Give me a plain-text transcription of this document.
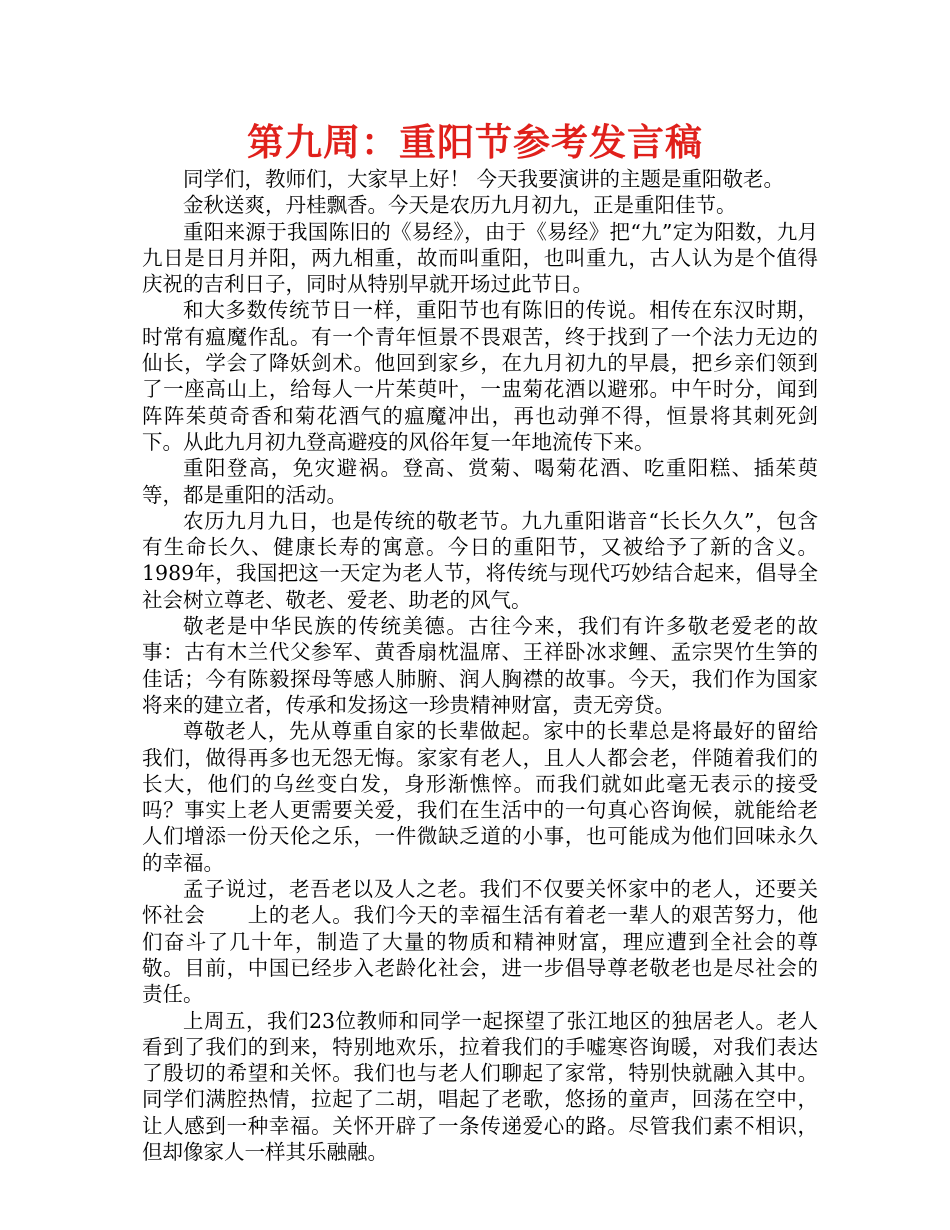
第九周：重阳节参考发言稿

同学们，教师们，大家早上好！ 今天我要演讲的主题是重阳敬老。

金秋送爽，丹桂飘香。今天是农历九月初九，正是重阳佳节。

重阳来源于我国陈旧的《易经》，由于《易经》把“九”定为阳数，九月九日是日月并阳，两九相重，故而叫重阳，也叫重九，古人认为是个值得庆祝的吉利日子，同时从特别早就开场过此节日。

和大多数传统节日一样，重阳节也有陈旧的传说。相传在东汉时期，时常有瘟魔作乱。有一个青年恒景不畏艰苦，终于找到了一个法力无边的仙长，学会了降妖剑术。他回到家乡，在九月初九的早晨，把乡亲们领到了一座高山上，给每人一片茱萸叶，一盅菊花酒以避邪。中午时分，闻到阵阵茱萸奇香和菊花酒气的瘟魔冲出，再也动弹不得，恒景将其刺死剑下。从此九月初九登高避疫的风俗年复一年地流传下来。

重阳登高，免灾避祸。登高、赏菊、喝菊花酒、吃重阳糕、插茱萸等，都是重阳的活动。

农历九月九日，也是传统的敬老节。九九重阳谐音“长长久久”，包含有生命长久、健康长寿的寓意。今日的重阳节，又被给予了新的含义。1989年，我国把这一天定为老人节，将传统与现代巧妙结合起来，倡导全社会树立尊老、敬老、爱老、助老的风气。

敬老是中华民族的传统美德。古往今来，我们有许多敬老爱老的故事：古有木兰代父参军、黄香扇枕温席、王祥卧冰求鲤、孟宗哭竹生笋的佳话；今有陈毅探母等感人肺腑、润人胸襟的故事。今天，我们作为国家将来的建立者，传承和发扬这一珍贵精神财富，责无旁贷。

尊敬老人，先从尊重自家的长辈做起。家中的长辈总是将最好的留给我们，做得再多也无怨无悔。家家有老人，且人人都会老，伴随着我们的长大，他们的乌丝变白发，身形渐憔悴。而我们就如此毫无表示的接受吗？事实上老人更需要关爱，我们在生活中的一句真心咨询候，就能给老人们增添一份天伦之乐，一件微缺乏道的小事，也可能成为他们回味永久的幸福。

孟子说过，老吾老以及人之老。我们不仅要关怀家中的老人，还要关怀社会　　上的老人。我们今天的幸福生活有着老一辈人的艰苦努力，他们奋斗了几十年，制造了大量的物质和精神财富，理应遭到全社会的尊敬。目前，中国已经步入老龄化社会，进一步倡导尊老敬老也是尽社会的责任。

上周五，我们23位教师和同学一起探望了张江地区的独居老人。老人看到了我们的到来，特别地欢乐，拉着我们的手嘘寒咨询暖，对我们表达了殷切的希望和关怀。我们也与老人们聊起了家常，特别快就融入其中。同学们满腔热情，拉起了二胡，唱起了老歌，悠扬的童声，回荡在空中，让人感到一种幸福。关怀开辟了一条传递爱心的路。尽管我们素不相识，但却像家人一样其乐融融。
